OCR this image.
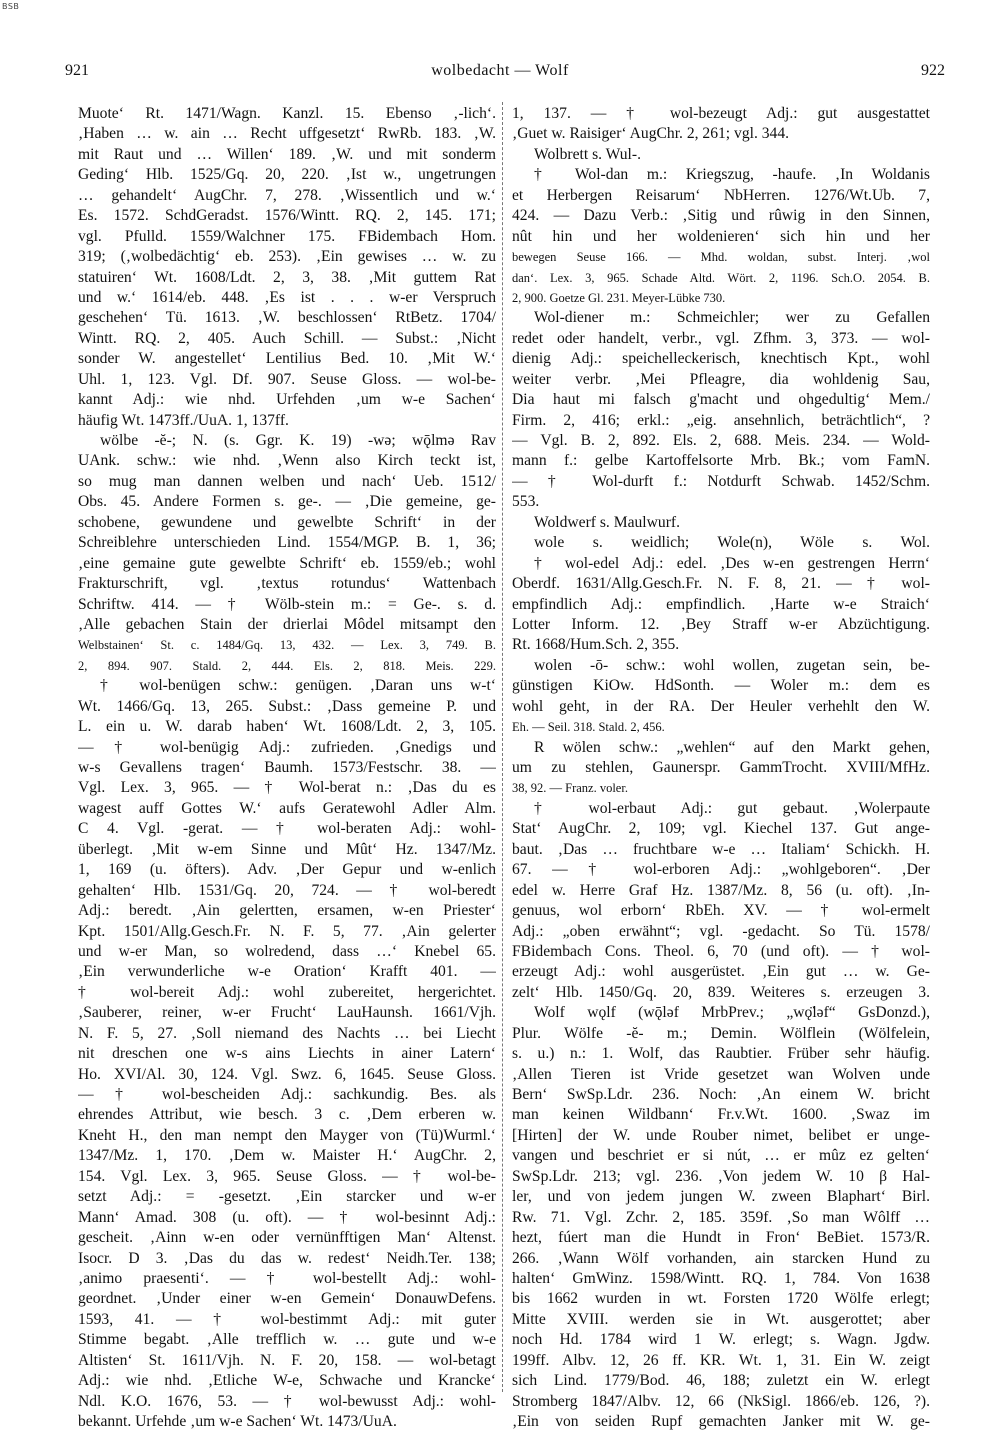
BSB
921	wolbedacht — Wolf	922
Muote‘ Rt. 1471/Wagn. Kanzl. 15. Ebenso ‚-lich‘.
‚Haben … w. ain … Recht uffgesetzt‘ RwRb. 183. ‚W.
mit Raut und … Willen‘ 189. ‚W. und mit sonderm
Geding‘ Hlb. 1525/Gq. 20, 220. ‚Ist w., ungetrungen
… gehandelt‘ AugChr. 7, 278. ‚Wissentlich und w.‘
Es. 1572. SchdGeradst. 1576/Wintt. RQ. 2, 145. 171;
vgl. Pfulld. 1559/Walchner 175. FBidembach Hom.
319; (‚wolbedächtig‘ eb. 253). ‚Ein gewises … w. zu
statuiren‘ Wt. 1608/Ldt. 2, 3, 38. ‚Mit guttem Rat
und w.‘ 1614/eb. 448. ‚Es ist . . . w-er Verspruch
geschehen‘ Tü. 1613. ‚W. beschlossen‘ RtBetz. 1704/
Wintt. RQ. 2, 405. Auch Schill. — Subst.: ‚Nicht
sonder W. angestellet‘ Lentilius Bed. 10. ‚Mit W.‘
Uhl. 1, 123. Vgl. Df. 907. Seuse Gloss. — wol-be-
kannt Adj.: wie nhd. Urfehden ‚um w-e Sachen‘
häufig Wt. 1473ff./UuA. 1, 137ff.
wölbe -ĕ-; N. (s. Ggr. K. 19) -wə; wǭlmə Rav
UAnk. schw.: wie nhd. ‚Wenn also Kirch teckt ist,
so mug man dannen welben und nach‘ Ueb. 1512/
Obs. 45. Andere Formen s. ge-. — ‚Die gemeine, ge-
schobene, gewundene und gewelbte Schrift‘ in der
Schreiblehre unterschieden Lind. 1554/MGP. B. 1, 36;
‚eine gemaine gute gewelbte Schrift‘ eb. 1559/eb.; wohl
Frakturschrift, vgl. ‚textus rotundus‘ Wattenbach
Schriftw. 414. — † Wölb-stein m.: = Ge-. s. d.
‚Alle gebachen Stain der drierlai Môdel mitsampt den
Welbstainen‘ St. c. 1484/Gq. 13, 432. — Lex. 3, 749. B.
2, 894. 907. Stald. 2, 444. Els. 2, 818. Meis. 229.
† wol-benügen schw.: genügen. ‚Daran uns w-t‘
Wt. 1466/Gq. 13, 265. Subst.: ‚Dass gemeine P. und
L. ein u. W. darab haben‘ Wt. 1608/Ldt. 2, 3, 105.
— † wol-benügig Adj.: zufrieden. ‚Gnedigs und
w-s Gevallens tragen‘ Baumh. 1573/Festschr. 38. —
Vgl. Lex. 3, 965. — † Wol-berat n.: ‚Das du es
wagest auff Gottes W.‘ aufs Geratewohl Adler Alm.
C 4. Vgl. -gerat. — † wol-beraten Adj.: wohl-
überlegt. ‚Mit w-em Sinne und Mût‘ Hz. 1347/Mz.
1, 169 (u. öfters). Adv. ‚Der Gepur und w-enlich
gehalten‘ Hlb. 1531/Gq. 20, 724. — † wol-beredt
Adj.: beredt. ‚Ain gelertten, ersamen, w-en Priester‘
Kpt. 1501/Allg.Gesch.Fr. N. F. 5, 77. ‚Ain gelerter
und w-er Man, so wolredend, dass …‘ Knebel 65.
‚Ein verwunderliche w-e Oration‘ Krafft 401. —
† wol-bereit Adj.: wohl zubereitet, hergerichtet.
‚Sauberer, reiner, w-er Frucht‘ LauHaunsh. 1661/Vjh.
N. F. 5, 27. ‚Soll niemand des Nachts … bei Liecht
nit dreschen one w-s ains Liechts in ainer Latern‘
Ho. XVI/Al. 30, 124. Vgl. Swz. 6, 1645. Seuse Gloss.
— † wol-bescheiden Adj.: sachkundig. Bes. als
ehrendes Attribut, wie besch. 3 c. ‚Dem erberen w.
Kneht H., den man nempt den Mayger von (Tü)Wurml.‘
1347/Mz. 1, 170. ‚Dem w. Maister H.‘ AugChr. 2,
154. Vgl. Lex. 3, 965. Seuse Gloss. — † wol-be-
setzt Adj.: = -gesetzt. ‚Ein starcker und w-er
Mann‘ Amad. 308 (u. oft). — † wol-besinnt Adj.:
gescheit. ‚Ainn w-en oder vernünfftigen Man‘ Altenst.
Isocr. D 3. ‚Das du das w. redest‘ Neidh.Ter. 138;
‚animo praesenti‘. — † wol-bestellt Adj.: wohl-
geordnet. ‚Under einer w-en Gemein‘ DonauwDefens.
1593, 41. — † wol-bestimmt Adj.: mit guter
Stimme begabt. ‚Alle trefflich w. … gute und w-e
Altisten‘ St. 1611/Vjh. N. F. 20, 158. — wol-betagt
Adj.: wie nhd. ‚Etliche W-e, Schwache und Krancke‘
Ndl. K.O. 1676, 53. — † wol-bewusst Adj.: wohl-
bekannt. Urfehde ‚um w-e Sachen‘ Wt. 1473/UuA.
1, 137. — † wol-bezeugt Adj.: gut ausgestattet
‚Guet w. Raisiger‘ AugChr. 2, 261; vgl. 344.
Wolbrett s. Wul-.
† Wol-dan m.: Kriegszug, -haufe. ‚In Woldanis
et Herbergen Reisarum‘ NbHerren. 1276/Wt.Ub. 7,
424. — Dazu Verb.: ‚Sitig und rûwig in den Sinnen,
nût hin und her woldenieren‘ sich hin und her
bewegen Seuse 166. — Mhd. woldan, subst. Interj. ‚wol
dan‘. Lex. 3, 965. Schade Altd. Wört. 2, 1196. Sch.O. 2054. B.
2, 900. Goetze Gl. 231. Meyer-Lübke 730.
Wol-diener m.: Schmeichler; wer zu Gefallen
redet oder handelt, verbr., vgl. Zfhm. 3, 373. — wol-
dienig Adj.: speichelleckerisch, knechtisch Kpt., wohl
weiter verbr. ‚Mei Pfleagre, dia wohldenig Sau,
Dia haut mi falsch g'macht und ohgedultig‘ Mem./
Firm. 2, 416; erkl.: „eig. ansehnlich, beträchtlich“, ?
— Vgl. B. 2, 892. Els. 2, 688. Meis. 234. — Wold-
mann f.: gelbe Kartoffelsorte Mrb. Bk.; vom FamN.
— † Wol-durft f.: Notdurft Schwab. 1452/Schm.
553.
Woldwerf s. Maulwurf.
wole s. weidlich; Wole(n), Wöle s. Wol.
† wol-edel Adj.: edel. ‚Des w-en gestrengen Herrn‘
Oberdf. 1631/Allg.Gesch.Fr. N. F. 8, 21. — † wol-
empfindlich Adj.: empfindlich. ‚Harte w-e Straich‘
Lotter Inform. 12. ‚Bey Straff w-er Abzüchtigung.
Rt. 1668/Hum.Sch. 2, 355.
wolen -ō- schw.: wohl wollen, zugetan sein, be-
günstigen KiOw. HdSonth. — Woler m.: dem es
wohl geht, in der RA. Der Heuler verhehlt den W.
Eh. — Seil. 318. Stald. 2, 456.
R wölen schw.: „wehlen“ auf den Markt gehen,
um zu stehlen, Gaunerspr. GammTrocht. XVIII/MfHz.
38, 92. — Franz. voler.
† wol-erbaut Adj.: gut gebaut. ‚Wolerpaute
Stat‘ AugChr. 2, 109; vgl. Kiechel 137. Gut ange-
baut. ‚Das … fruchtbare w-e … Italiam‘ Schickh. H.
67. — † wol-erboren Adj.: „wohlgeboren“. ‚Der
edel w. Herre Graf Hz. 1387/Mz. 8, 56 (u. oft). ‚In-
genuus, wol erborn‘ RbEh. XV. — † wol-ermelt
Adj.: „oben erwähnt“; vgl. -gedacht. So Tü. 1578/
FBidembach Cons. Theol. 6, 70 (und oft). — † wol-
erzeugt Adj.: wohl ausgerüstet. ‚Ein gut … w. Ge-
zelt‘ Hlb. 1450/Gq. 20, 839. Weiteres s. erzeugen 3.
Wolf wǫlf (wǭləf MrbPrev.; „wǫ̈ləf“ GsDonzd.),
Plur. Wölfe -ĕ- m.; Demin. Wölflein (Wölfelein,
s. u.) n.: 1. Wolf, das Raubtier. Früber sehr häufig.
‚Allen Tieren ist Vride gesetzet wan Wolven unde
Bern‘ SwSp.Ldr. 236. Noch: ‚An einem W. bricht
man keinen Wildbann‘ Fr.v.Wt. 1600. ‚Swaz im
[Hirten] der W. unde Rouber nimet, belibet er unge-
vangen und beschriet er si nút, … er mûz ez gelten‘
SwSp.Ldr. 213; vgl. 236. ‚Von jedem W. 10 β Hal-
ler, und von jedem jungen W. zween Blaphart‘ Birl.
Rw. 71. Vgl. Zchr. 2, 185. 359f. ‚So man Wôlff …
hezt, fúert man die Hundt in Fron‘ BeBiet. 1573/R.
266. ‚Wann Wölf vorhanden, ain starcken Hund zu
halten‘ GmWinz. 1598/Wintt. RQ. 1, 784. Von 1638
bis 1662 wurden in wt. Forsten 1720 Wölfe erlegt;
Mitte XVIII. werden sie in Wt. ausgerottet; aber
noch Hd. 1784 wird 1 W. erlegt; s. Wagn. Jgdw.
199ff. Albv. 12, 26 ff. KR. Wt. 1, 31. Ein W. zeigt
sich Lind. 1779/Bod. 46, 188; zuletzt ein W. erlegt
Stromberg 1847/Albv. 12, 66 (NkSigl. 1866/eb. 126, ?).
‚Ein von seiden Rupf gemachten Janker mit W. ge-
